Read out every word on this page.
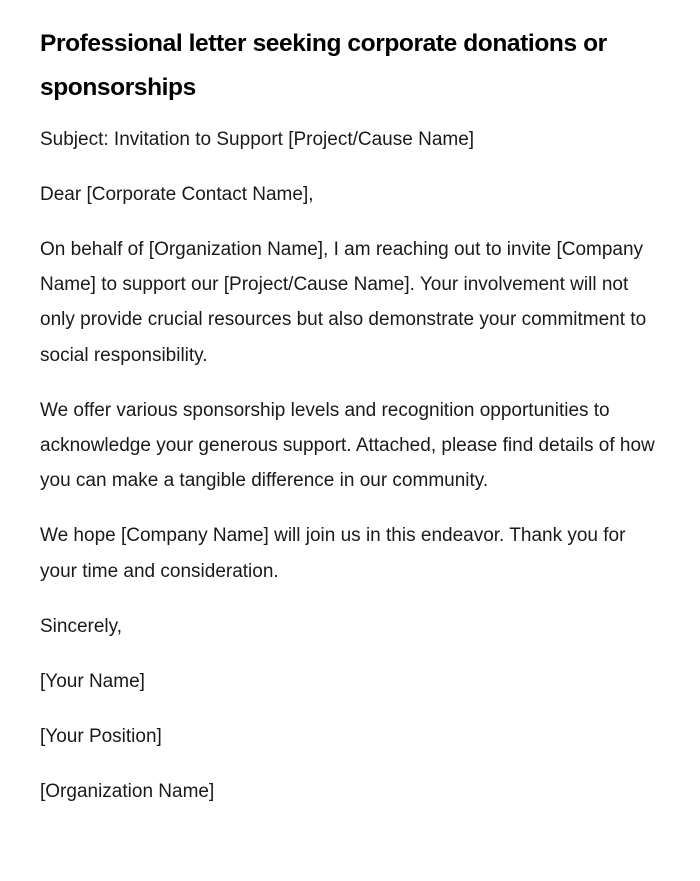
Professional letter seeking corporate donations or sponsorships

Subject: Invitation to Support [Project/Cause Name]

Dear [Corporate Contact Name],

On behalf of [Organization Name], I am reaching out to invite [Company Name] to support our [Project/Cause Name]. Your involvement will not only provide crucial resources but also demonstrate your commitment to social responsibility.

We offer various sponsorship levels and recognition opportunities to acknowledge your generous support. Attached, please find details of how you can make a tangible difference in our community.

We hope [Company Name] will join us in this endeavor. Thank you for your time and consideration.

Sincerely,

[Your Name]

[Your Position]

[Organization Name]
